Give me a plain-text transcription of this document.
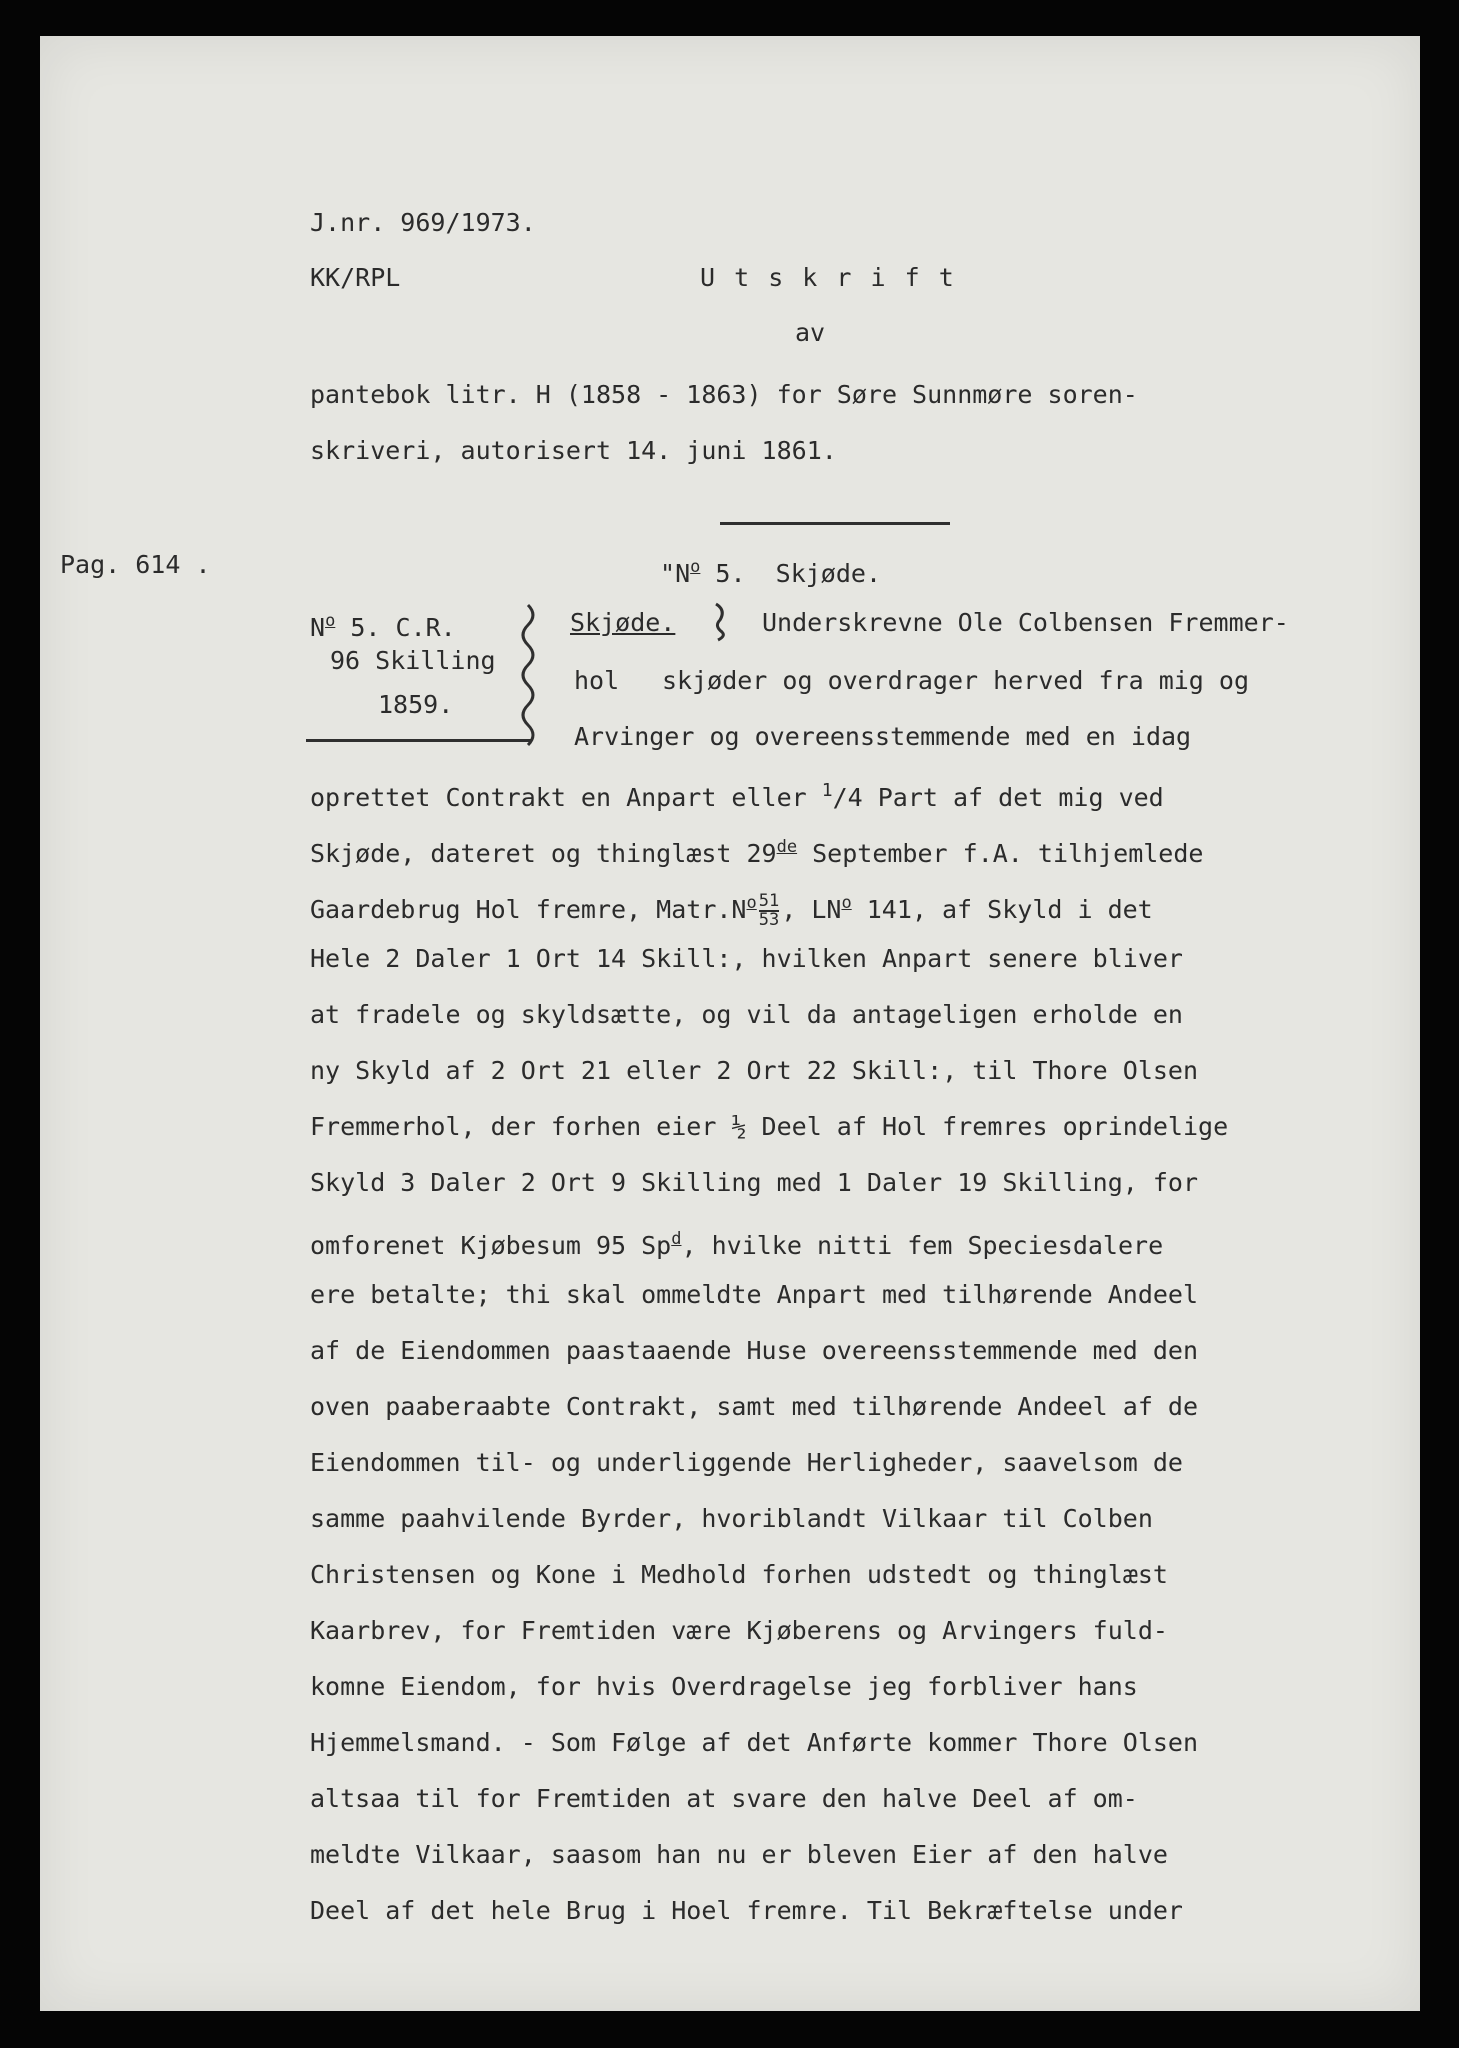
J.nr. 969/1973.
KK/RPL	U t s k r i f t
av
pantebok litr. H (1858 - 1863) for Søre Sunnmøre soren-
skriveri, autorisert 14. juni 1861.
Pag. 614 .	"$N^o$ 5. Skjøde.
$N^o$ 5. C.R.
96 Skilling
1859.
Skjøde.	Underskrevne Ole Colbensen Fremmer-
hol skjøder og overdrager herved fra mig og
Arvinger og overeensstemmende med en idag
oprettet Contrakt en Anpart eller $^1$/4 Part af det mig ved
Skjøde, dateret og thinglæst 29de September f.A. tilhjemlede
Gaardebrug Hol fremre, $Matr.N^o \frac{51}{53}$ , $LN^o$ 141, af Skyld i det
Hele 2 Daler 1 Ort 14 Skill:, hvilken Anpart senere bliver
at fradele og skyldsætte, og vil da antageligen erholde en
ny Skyld af 2 Ort 21 eller 2 Ort 22 Skill:, til Thore Olsen
Fremmerhol, der forhen eier ½ Deel af Hol fremres oprindelige
Skyld 3 Daler 2 Ort 9 Skilling med 1 Daler 19 Skilling, for
omforenet Kjøbesum 95 Sp$^d$, hvilke nitti fem Speciesdalere
ere betalte; thi skal ommeldte Anpart med tilhørende Andeel
af de Eiendommen paastaaende Huse overeensstemmende med den
oven paaberaabte Contrakt, samt med tilhørende Andeel af de
Eiendommen til- og underliggende Herligheder, saavelsom de
samme paahvilende Byrder, hvoriblandt Vilkaar til Colben
Christensen og Kone i Medhold forhen udstedt og thinglæst
Kaarbrev, for Fremtiden være Kjøberens og Arvingers fuld-
komne Eiendom, for hvis Overdragelse jeg forbliver hans
Hjemmelsmand. - Som Følge af det Anførte kommer Thore Olsen
altsaa til for Fremtiden at svare den halve Deel af om-
meldte Vilkaar, saasom han nu er bleven Eier af den halve
Deel af det hele Brug i Hoel fremre. Til Bekræftelse under
